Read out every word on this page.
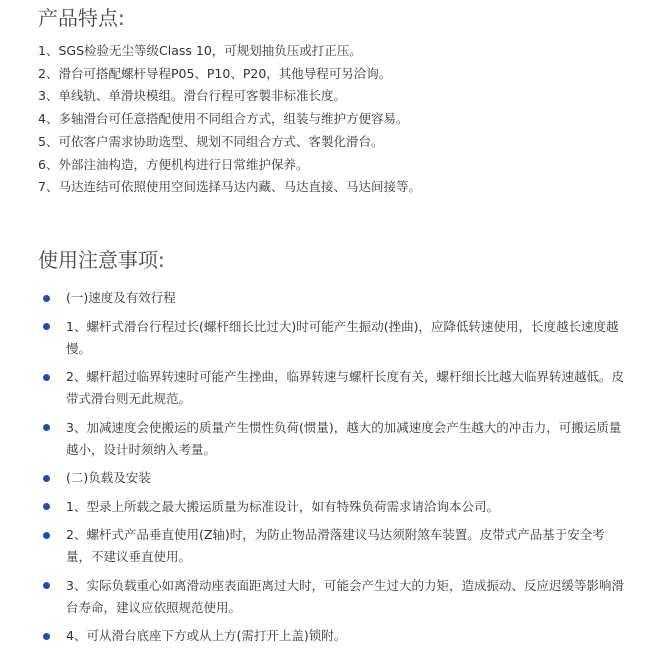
产品特点:
1、SGS检验无尘等级Class 10，可规划抽负压或打正压。
2、滑台可搭配螺杆导程P05、P10、P20，其他导程可另洽询。
3、单线轨、单滑块模组。滑台行程可客製非标准长度。
4、多轴滑台可任意搭配使用不同组合方式，组装与维护方便容易。
5、可依客户需求协助选型、规划不同组合方式、客製化滑台。
6、外部注油构造，方便机构进行日常维护保养。
7、马达连结可依照使用空间选择马达内藏、马达直接、马达间接等。
使用注意事项:
(一)速度及有效行程
1、螺杆式滑台行程过长(螺杆细长比过大)时可能产生振动(挫曲)，应降低转速使用，长度越长速度越慢。
2、螺杆超过临界转速时可能产生挫曲，临界转速与螺杆长度有关，螺杆细长比越大临界转速越低。皮带式滑台则无此规范。
3、加减速度会使搬运的质量产生惯性负荷(惯量)，越大的加减速度会产生越大的冲击力，可搬运质量越小，设计时须纳入考量。
(二)负载及安装
1、型录上所载之最大搬运质量为标准设计，如有特殊负荷需求请洽询本公司。
2、螺杆式产品垂直使用(Z轴)时，为防止物品滑落建议马达须附煞车装置。皮带式产品基于安全考量，不建议垂直使用。
3、实际负载重心如离滑动座表面距离过大时，可能会产生过大的力矩，造成振动、反应迟缓等影响滑台寿命，建议应依照规范使用。
4、可从滑台底座下方或从上方(需打开上盖)锁附。
